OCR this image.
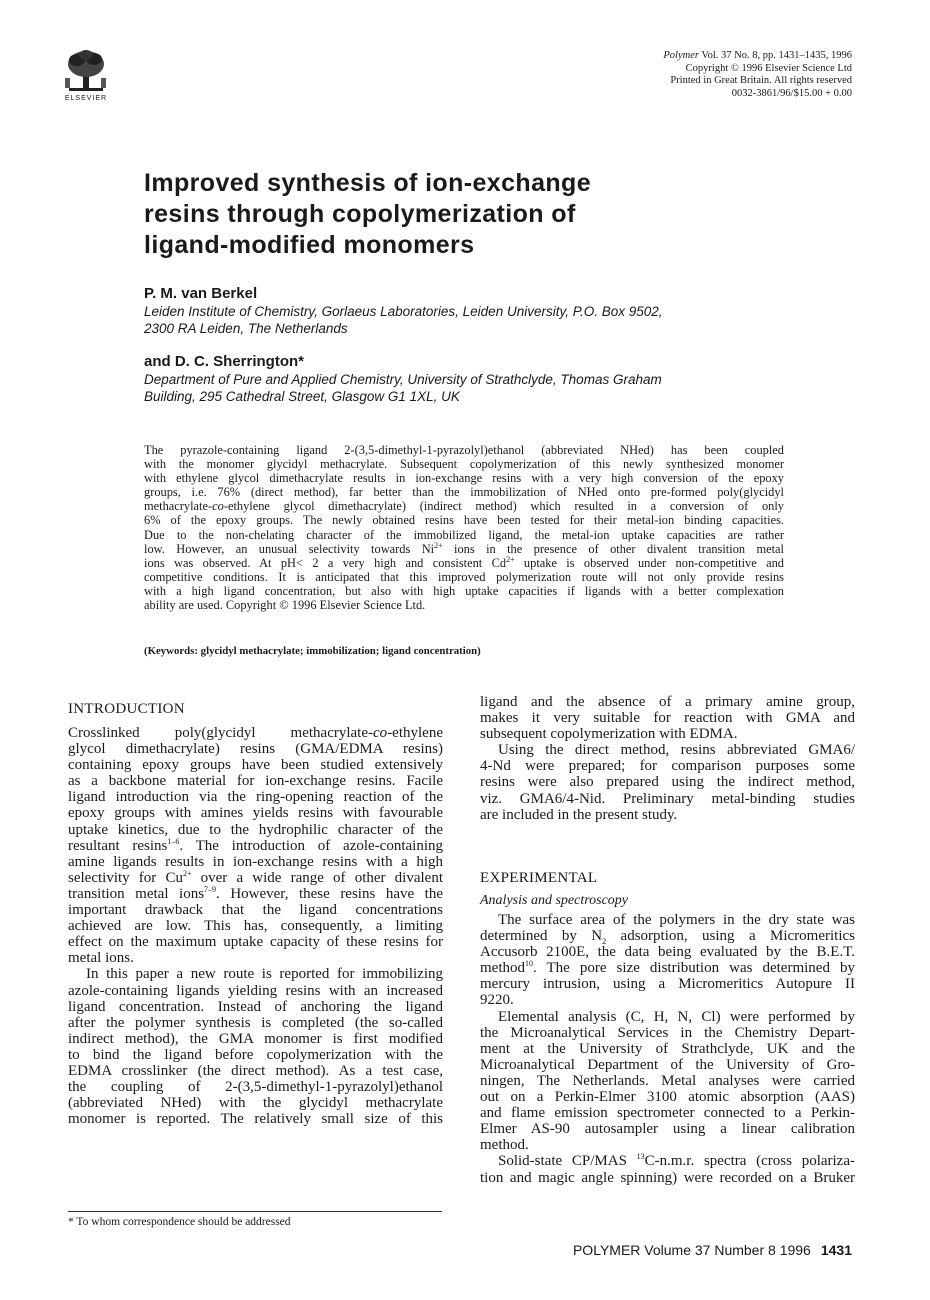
ELSEVIER
Polymer Vol. 37 No. 8, pp. 1431–1435, 1996
Copyright © 1996 Elsevier Science Ltd
Printed in Great Britain. All rights reserved
0032-3861/96/$15.00 + 0.00
Improved synthesis of ion-exchange
resins through copolymerization of
ligand-modified monomers
P. M. van Berkel
Leiden Institute of Chemistry, Gorlaeus Laboratories, Leiden University, P.O. Box 9502,
2300 RA Leiden, The Netherlands
and D. C. Sherrington*
Department of Pure and Applied Chemistry, University of Strathclyde, Thomas Graham
Building, 295 Cathedral Street, Glasgow G1 1XL, UK
The pyrazole-containing ligand 2-(3,5-dimethyl-1-pyrazolyl)ethanol (abbreviated NHed) has been coupled
with the monomer glycidyl methacrylate. Subsequent copolymerization of this newly synthesized monomer
with ethylene glycol dimethacrylate results in ion-exchange resins with a very high conversion of the epoxy
groups, i.e. 76% (direct method), far better than the immobilization of NHed onto pre-formed poly(glycidyl
methacrylate-co-ethylene glycol dimethacrylate) (indirect method) which resulted in a conversion of only
6% of the epoxy groups. The newly obtained resins have been tested for their metal-ion binding capacities.
Due to the non-chelating character of the immobilized ligand, the metal-ion uptake capacities are rather
low. However, an unusual selectivity towards $Ni^{2+}$ ions in the presence of other divalent transition metal
ions was observed. At pH< 2 a very high and consistent $Cd^{2+}$ uptake is observed under non-competitive and
competitive conditions. It is anticipated that this improved polymerization route will not only provide resins
with a high ligand concentration, but also with high uptake capacities if ligands with a better complexation
ability are used. Copyright © 1996 Elsevier Science Ltd.
(Keywords: glycidyl methacrylate; immobilization; ligand concentration)
INTRODUCTION
Crosslinked poly(glycidyl methacrylate-co-ethylene
glycol dimethacrylate) resins (GMA/EDMA resins)
containing epoxy groups have been studied extensively
as a backbone material for ion-exchange resins. Facile
ligand introduction via the ring-opening reaction of the
epoxy groups with amines yields resins with favourable
uptake kinetics, due to the hydrophilic character of the
resultant resins$^{1-6}$. The introduction of azole-containing
amine ligands results in ion-exchange resins with a high
selectivity for $Cu^{2+}$ over a wide range of other divalent
transition metal ions$^{7-9}$. However, these resins have the
important drawback that the ligand concentrations
achieved are low. This has, consequently, a limiting
effect on the maximum uptake capacity of these resins for
metal ions.
In this paper a new route is reported for immobilizing
azole-containing ligands yielding resins with an increased
ligand concentration. Instead of anchoring the ligand
after the polymer synthesis is completed (the so-called
indirect method), the GMA monomer is first modified
to bind the ligand before copolymerization with the
EDMA crosslinker (the direct method). As a test case,
the coupling of 2-(3,5-dimethyl-1-pyrazolyl)ethanol
(abbreviated NHed) with the glycidyl methacrylate
monomer is reported. The relatively small size of this
ligand and the absence of a primary amine group,
makes it very suitable for reaction with GMA and
subsequent copolymerization with EDMA.
Using the direct method, resins abbreviated GMA6/
4-Nd were prepared; for comparison purposes some
resins were also prepared using the indirect method,
viz. GMA6/4-Nid. Preliminary metal-binding studies
are included in the present study.
EXPERIMENTAL
Analysis and spectroscopy
The surface area of the polymers in the dry state was
determined by $N_2$ adsorption, using a Micromeritics
Accusorb 2100E, the data being evaluated by the B.E.T.
method$^{10}$. The pore size distribution was determined by
mercury intrusion, using a Micromeritics Autopure II
9220.
Elemental analysis (C, H, N, Cl) were performed by
the Microanalytical Services in the Chemistry Depart-
ment at the University of Strathclyde, UK and the
Microanalytical Department of the University of Gro-
ningen, The Netherlands. Metal analyses were carried
out on a Perkin-Elmer 3100 atomic absorption (AAS)
and flame emission spectrometer connected to a Perkin-
Elmer AS-90 autosampler using a linear calibration
method.
Solid-state CP/MAS $^{13}$C-n.m.r. spectra (cross polariza-
tion and magic angle spinning) were recorded on a Bruker
* To whom correspondence should be addressed
POLYMER Volume 37 Number 8 1996 1431
